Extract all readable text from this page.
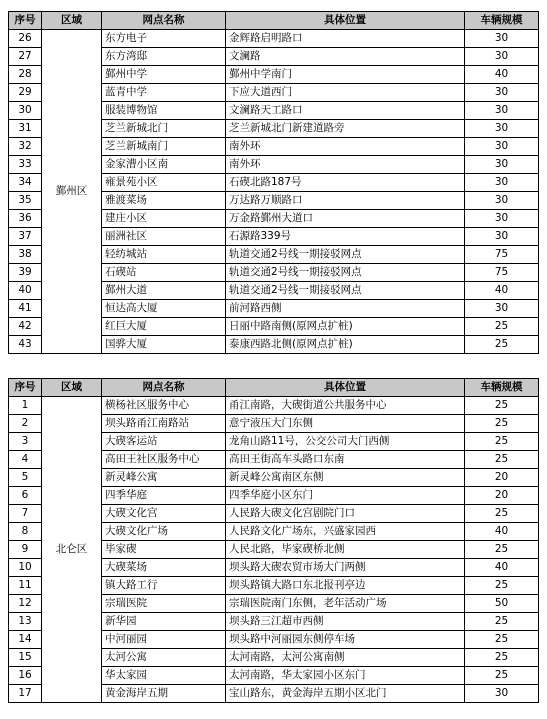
序号	区域	网点名称	具体位置	车辆规模
26	鄞州区	东方电子	金辉路启明路口	30
27		东方湾邸	文澜路	30
28		鄞州中学	鄞州中学南门	40
29		蓝青中学	下应大道西门	30
30		服装博物馆	文澜路天工路口	30
31		芝兰新城北门	芝兰新城北门新建道路旁	30
32		芝兰新城南门	南外环	30
33		金家漕小区南	南外环	30
34		雍景苑小区	石碶北路187号	30
35		雅渡菜场	万达路万顺路口	30
36		建庄小区	万金路鄞州大道口	30
37		丽洲社区	石源路339号	30
38		轻纺城站	轨道交通2号线一期接驳网点	75
39		石碶站	轨道交通2号线一期接驳网点	75
40		鄞州大道	轨道交通2号线一期接驳网点	40
41		恒达高大厦	前河路西侧	30
42		红巨大厦	日丽中路南侧(原网点扩桩)	25
43		国骅大厦	泰康西路北侧(原网点扩桩)	25
序号	区域	网点名称	具体位置	车辆规模
1	北仑区	横杨社区服务中心	甬江南路，大碶街道公共服务中心	25
2		坝头路甬江南路站	意宁液压大门东侧	25
3		大碶客运站	龙角山路11号，公交公司大门西侧	25
4		高田王社区服务中心	高田王街高车头路口东南	25
5		新灵峰公寓	新灵峰公寓南区东侧	20
6		四季华庭	四季华庭小区东门	20
7		大碶文化宫	人民路大碶文化宫剧院门口	25
8		大碶文化广场	人民路文化广场东，兴盛家园西	40
9		毕家碶	人民北路，毕家碶桥北侧	25
10		大碶菜场	坝头路大碶农贸市场大门两侧	40
11		镇大路工行	坝头路镇大路口东北报刊亭边	25
12		宗瑞医院	宗瑞医院南门东侧，老年活动广场	50
13		新华园	坝头路三江超市西侧	25
14		中河丽园	坝头路中河丽园东侧停车场	25
15		太河公寓	太河南路，太河公寓南侧	25
16		华太家园	太河南路，华太家园小区东门	25
17		黄金海岸五期	宝山路东，黄金海岸五期小区北门	30
